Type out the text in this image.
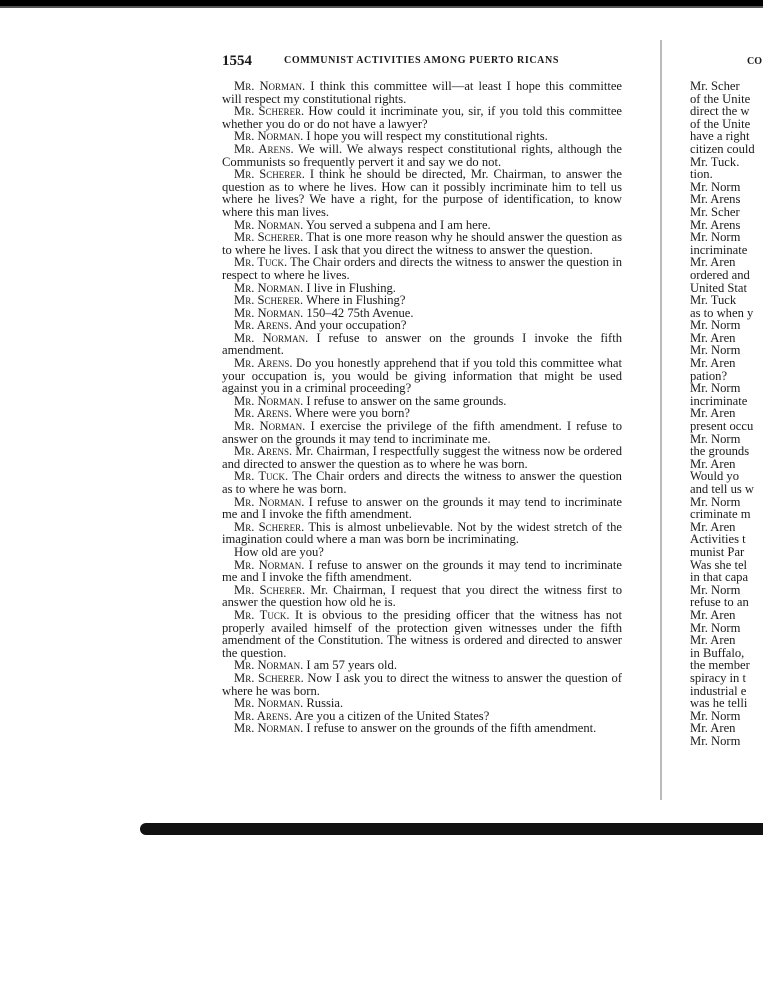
1554	COMMUNIST ACTIVITIES AMONG PUERTO RICANS

Mr. Norman. I think this committee will—at least I hope this committee will respect my constitutional rights.

Mr. Scherer. How could it incriminate you, sir, if you told this committee whether you do or do not have a lawyer?

Mr. Norman. I hope you will respect my constitutional rights.

Mr. Arens. We will. We always respect constitutional rights, although the Communists so frequently pervert it and say we do not.

Mr. Scherer. I think he should be directed, Mr. Chairman, to answer the question as to where he lives. How can it possibly incriminate him to tell us where he lives? We have a right, for the purpose of identification, to know where this man lives.

Mr. Norman. You served a subpena and I am here.

Mr. Scherer. That is one more reason why he should answer the question as to where he lives. I ask that you direct the witness to answer the question.

Mr. Tuck. The Chair orders and directs the witness to answer the question in respect to where he lives.

Mr. Norman. I live in Flushing.

Mr. Scherer. Where in Flushing?

Mr. Norman. 150–42 75th Avenue.

Mr. Arens. And your occupation?

Mr. Norman. I refuse to answer on the grounds I invoke the fifth amendment.

Mr. Arens. Do you honestly apprehend that if you told this committee what your occupation is, you would be giving information that might be used against you in a criminal proceeding?

Mr. Norman. I refuse to answer on the same grounds.

Mr. Arens. Where were you born?

Mr. Norman. I exercise the privilege of the fifth amendment. I refuse to answer on the grounds it may tend to incriminate me.

Mr. Arens. Mr. Chairman, I respectfully suggest the witness now be ordered and directed to answer the question as to where he was born.

Mr. Tuck. The Chair orders and directs the witness to answer the question as to where he was born.

Mr. Norman. I refuse to answer on the grounds it may tend to incriminate me and I invoke the fifth amendment.

Mr. Scherer. This is almost unbelievable. Not by the widest stretch of the imagination could where a man was born be incriminating.

How old are you?

Mr. Norman. I refuse to answer on the grounds it may tend to incriminate me and I invoke the fifth amendment.

Mr. Scherer. Mr. Chairman, I request that you direct the witness first to answer the question how old he is.

Mr. Tuck. It is obvious to the presiding officer that the witness has not properly availed himself of the protection given witnesses under the fifth amendment of the Constitution. The witness is ordered and directed to answer the question.

Mr. Norman. I am 57 years old.

Mr. Scherer. Now I ask you to direct the witness to answer the question of where he was born.

Mr. Norman. Russia.

Mr. Arens. Are you a citizen of the United States?

Mr. Norman. I refuse to answer on the grounds of the fifth amendment.

CO
Mr. Scher
of the Unite
direct the w
of the Unite
have a right
citizen could
Mr. Tuck.
tion.
Mr. Norm
Mr. Arens
Mr. Scher
Mr. Arens
Mr. Norm
incriminate
Mr. Aren
ordered and
United Stat
Mr. Tuck
as to when y
Mr. Norm
Mr. Aren
Mr. Norm
Mr. Aren
pation?
Mr. Norm
incriminate
Mr. Aren
present occu
Mr. Norm
the grounds
Mr. Aren
Would yo
and tell us w
Mr. Norm
criminate m
Mr. Aren
Activities t
munist Par
Was she tel
in that capa
Mr. Norm
refuse to an
Mr. Aren
Mr. Norm
Mr. Aren
in Buffalo,
the member
spiracy in t
industrial e
was he telli
Mr. Norm
Mr. Aren
Mr. Norm
